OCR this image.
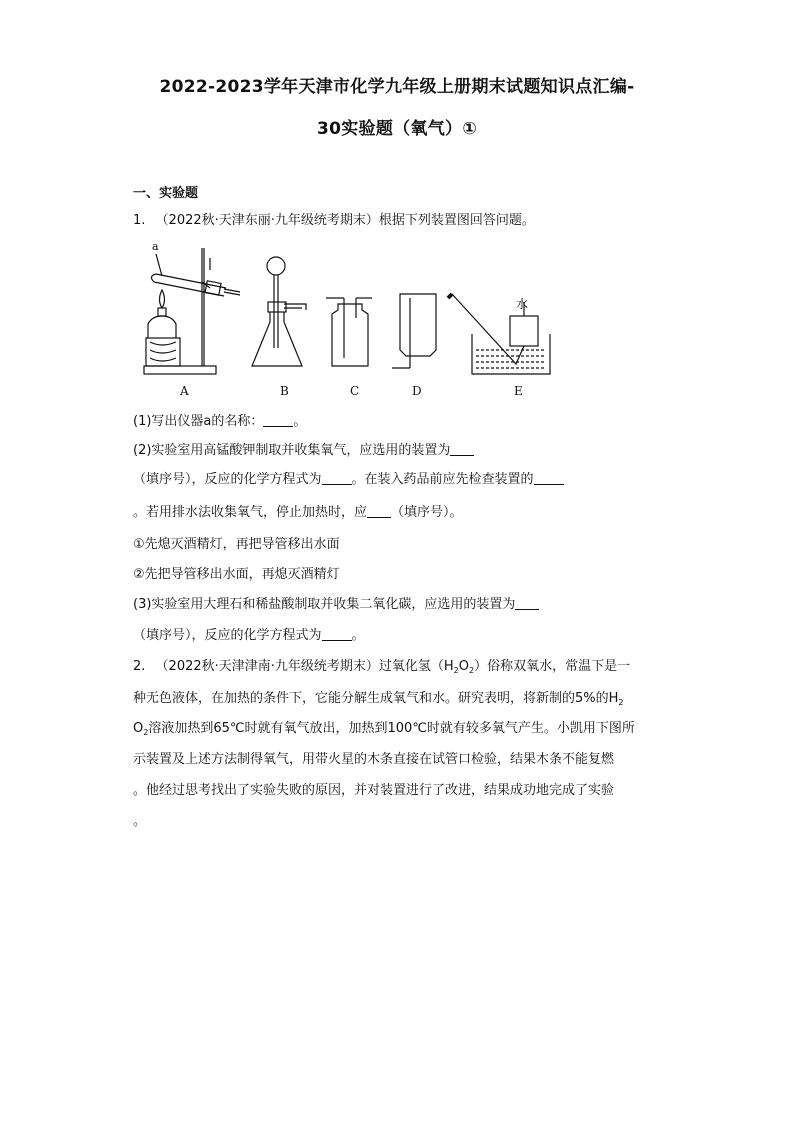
2022-2023学年天津市化学九年级上册期末试题知识点汇编-
30实验题（氧气）①
一、实验题
1. （2022秋·天津东丽·九年级统考期末）根据下列装置图回答问题。
a
A	B	C	D
水
E
(1)写出仪器a的名称： 。
(2)实验室用高锰酸钾制取并收集氧气，应选用的装置为
（填序号），反应的化学方程式为 。在装入药品前应先检查装置的
。若用排水法收集氧气，停止加热时，应 （填序号）。
①先熄灭酒精灯，再把导管移出水面
②先把导管移出水面，再熄灭酒精灯
(3)实验室用大理石和稀盐酸制取并收集二氧化碳，应选用的装置为
（填序号），反应的化学方程式为 。
2. （2022秋·天津津南·九年级统考期末）过氧化氢$(H_2O_2)$俗称双氧水，常温下是一
种无色液体，在加热的条件下，它能分解生成氧气和水。研究表明，将新制的5%的$H_2$
$O_2$溶液加热到65℃时就有氧气放出，加热到100℃时就有较多氧气产生。小凯用下图所
示装置及上述方法制得氧气，用带火星的木条直接在试管口检验，结果木条不能复燃
。他经过思考找出了实验失败的原因，并对装置进行了改进，结果成功地完成了实验
。
